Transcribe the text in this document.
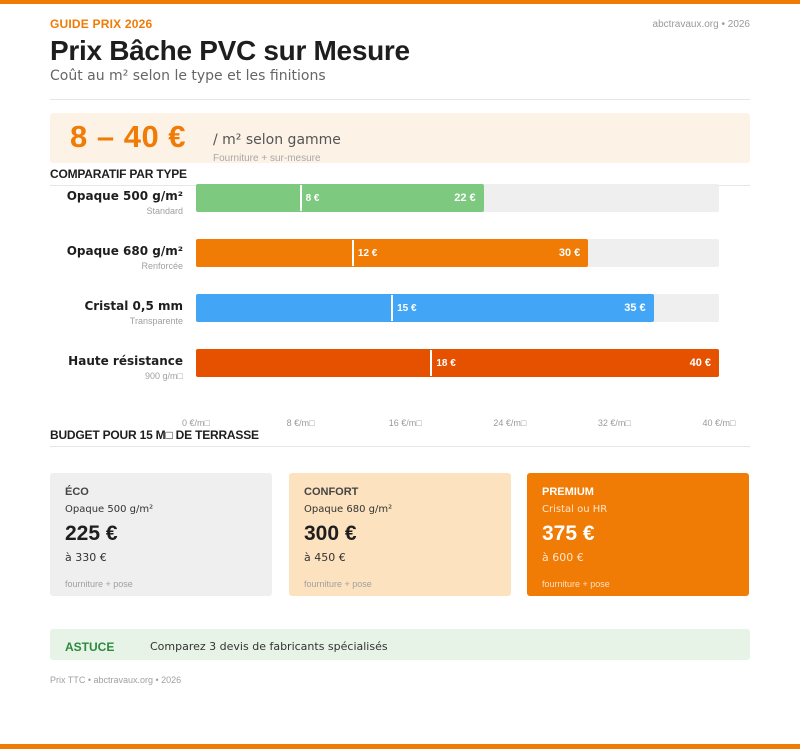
GUIDE PRIX 2026	abctravaux.org • 2026
Prix Bâche PVC sur Mesure
Coût au m² selon le type et les finitions
8 – 40 € / m² selon gamme
Fourniture + sur-mesure
COMPARATIF PAR TYPE
Opaque 500 g/m²
Standard
8 €	22 €
Opaque 680 g/m²
Renforcée
12 €	30 €
Cristal 0,5 mm
Transparente
15 €	35 €
Haute résistance
900 g/m□
18 €	40 €
0 €/m□	8 €/m□	16 €/m□	24 €/m□	32 €/m□	40 €/m□
BUDGET POUR 15 M□ DE TERRASSE
ÉCO
Opaque 500 g/m²
225 €
à 330 €
fourniture + pose
CONFORT
Opaque 680 g/m²
300 €
à 450 €
fourniture + pose
PREMIUM
Cristal ou HR
375 €
à 600 €
fourniture + pose
ASTUCE	Comparez 3 devis de fabricants spécialisés
Prix TTC • abctravaux.org • 2026
